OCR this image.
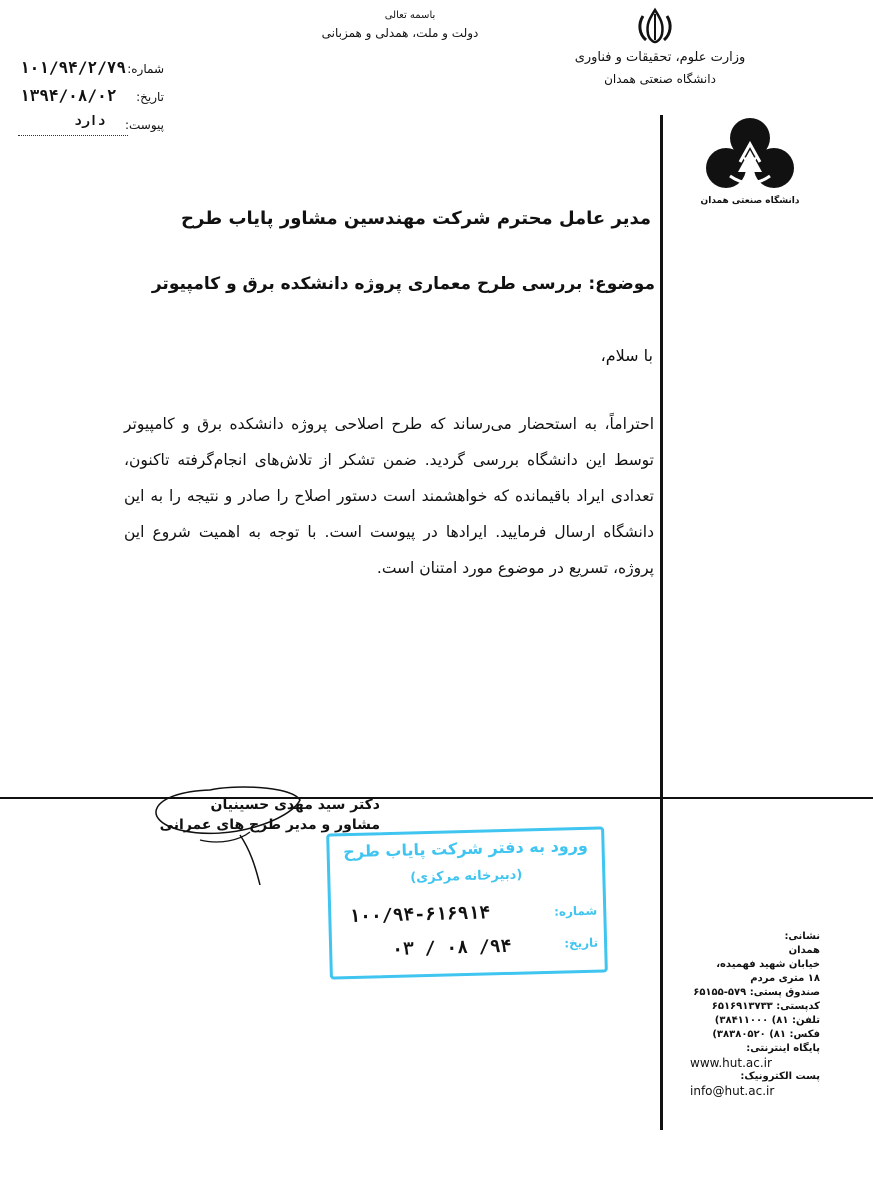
باسمه تعالی
دولت و ملت، همدلی و همزبانی
وزارت علوم، تحقیقات و فناوری
دانشگاه صنعتی همدان
شماره:
۱۰۱/۹۴/۲/۷۹
تاریخ:
۱۳۹۴/۰۸/۰۲
پیوست:
دارد
دانشگاه صنعتی همدان
مدیر عامل محترم شرکت مهندسین مشاور پایاب طرح
موضوع: بررسی طرح معماری پروژه دانشکده برق و کامپیوتر
با سلام،
احتراماً، به استحضار می‌رساند که طرح اصلاحی پروژه دانشکده برق و کامپیوتر توسط این دانشگاه بررسی گردید. ضمن تشکر از تلاش‌های انجام‌گرفته تاکنون، تعدادی ایراد باقیمانده که خواهشمند است دستور اصلاح را صادر و نتیجه را به این دانشگاه ارسال فرمایید. ایرادها در پیوست است. با توجه به اهمیت شروع این پروژه، تسریع در موضوع مورد امتنان است.
دکتر سید مهدی حسینیان
مشاور و مدیر طرح های عمرانی
ورود به دفتر شرکت پایاب طرح
(دبیرخانه مرکزی)
شماره:
۱۰۰/۹۴-۶۱۶۹۱۴
تاریخ:
۹۴/ ۰۸ / ۰۳	نشانی:
همدان
خیابان شهید فهمیده،
۱۸ متری مردم
صندوق پستی: ۵۷۹-۶۵۱۵۵
کدپستی: ۶۵۱۶۹۱۳۷۳۳
تلفن: ۸۱) ۳۸۴۱۱۰۰۰)
فکس: ۸۱) ۳۸۳۸۰۵۲۰)
پایگاه اینترنتی:
www.hut.ac.ir
پست الکترونیک:
info@hut.ac.ir
